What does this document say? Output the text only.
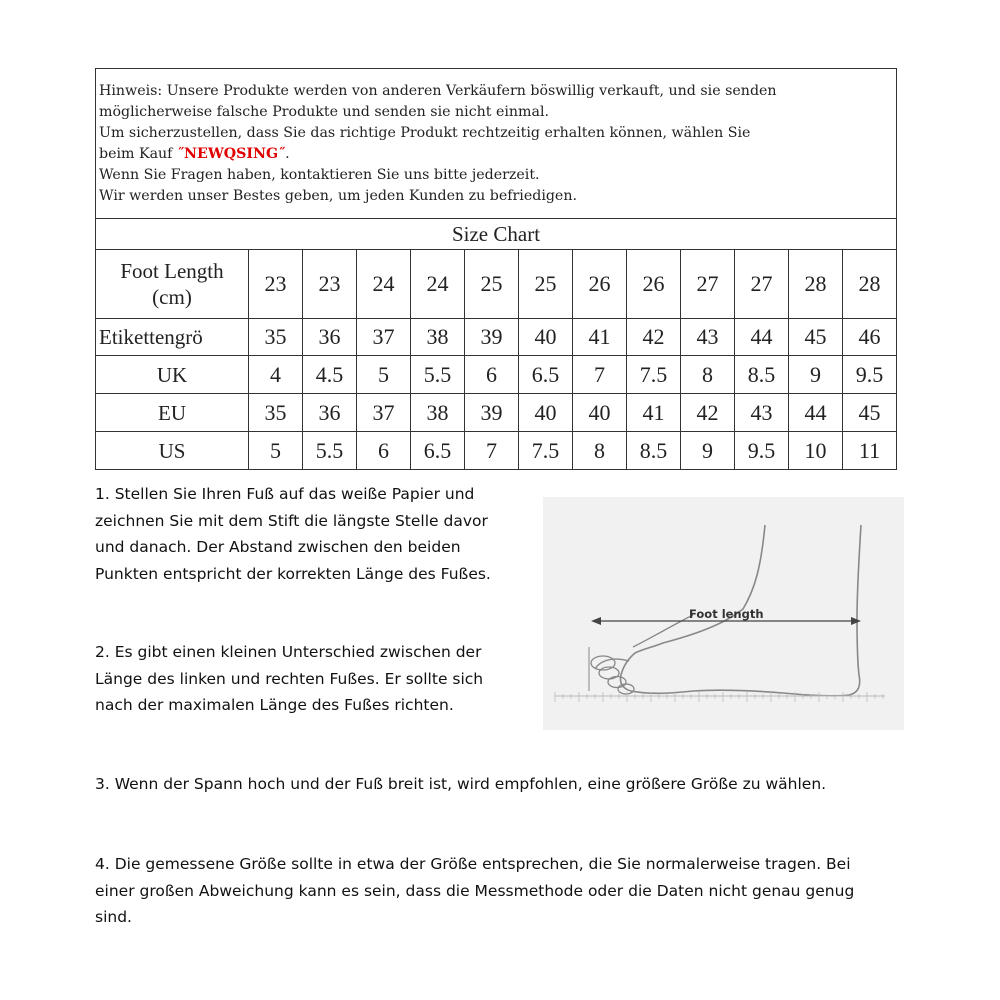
Hinweis: Unsere Produkte werden von anderen Verkäufern böswillig verkauft, und sie senden
möglicherweise falsche Produkte und senden sie nicht einmal.
Um sicherzustellen, dass Sie das richtige Produkt rechtzeitig erhalten können, wählen Sie
beim Kauf ˝NEWQSING˝.
Wenn Sie Fragen haben, kontaktieren Sie uns bitte jederzeit.
Wir werden unser Bestes geben, um jeden Kunden zu befriedigen.
Size Chart												
Foot Length
(cm)	23	23	24	24	25	25	26	26	27	27	28	28
Etikettengrö	35	36	37	38	39	40	41	42	43	44	45	46
UK	4	4.5	5	5.5	6	6.5	7	7.5	8	8.5	9	9.5
EU	35	36	37	38	39	40	40	41	42	43	44	45
US	5	5.5	6	6.5	7	7.5	8	8.5	9	9.5	10	11
1. Stellen Sie Ihren Fuß auf das weiße Papier und zeichnen Sie mit dem Stift die längste Stelle davor und danach. Der Abstand zwischen den beiden Punkten entspricht der korrekten Länge des Fußes.
2. Es gibt einen kleinen Unterschied zwischen der Länge des linken und rechten Fußes. Er sollte sich nach der maximalen Länge des Fußes richten.
3. Wenn der Spann hoch und der Fuß breit ist, wird empfohlen, eine größere Größe zu wählen.
4. Die gemessene Größe sollte in etwa der Größe entsprechen, die Sie normalerweise tragen. Bei einer großen Abweichung kann es sein, dass die Messmethode oder die Daten nicht genau genug sind.
Foot length
